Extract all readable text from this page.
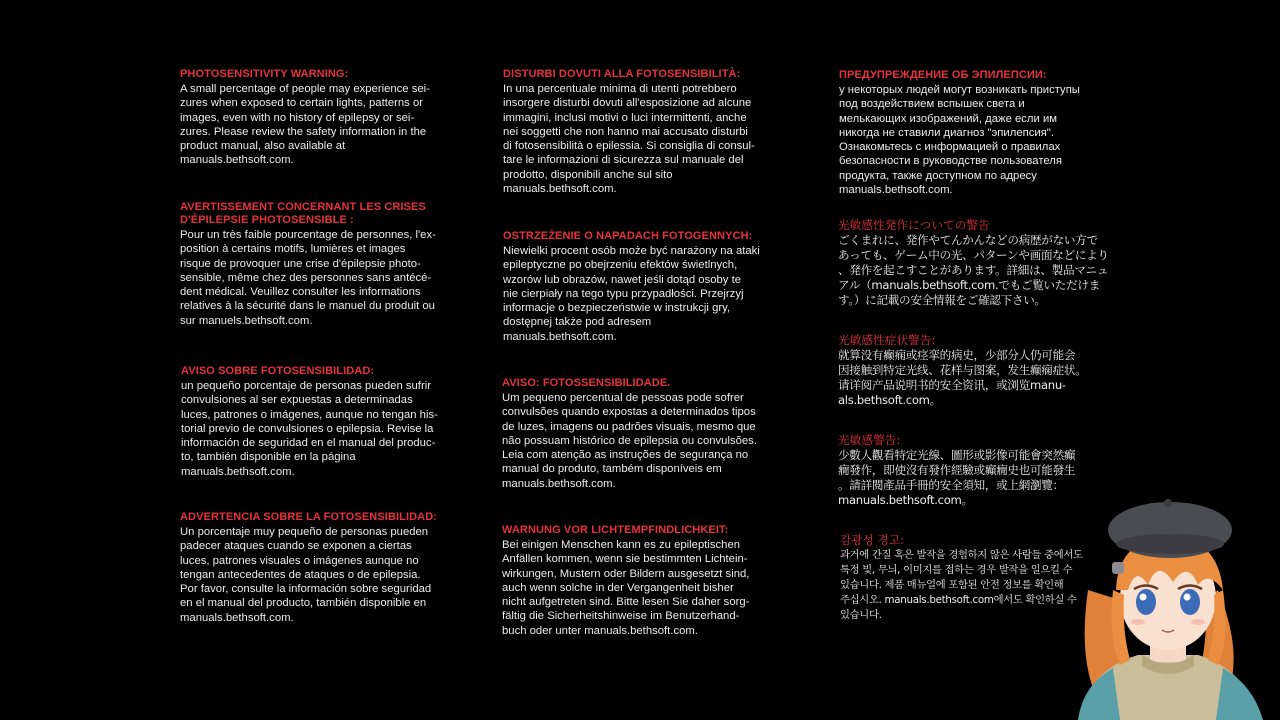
PHOTOSENSITIVITY WARNING:

A small percentage of people may experience sei-
zures when exposed to certain lights, patterns or
images, even with no history of epilepsy or sei-
zures. Please review the safety information in the
product manual, also available at
manuals.bethsoft.com.

AVERTISSEMENT CONCERNANT LES CRISES
D'ÉPILEPSIE PHOTOSENSIBLE :

Pour un très faible pourcentage de personnes, l'ex-
position à certains motifs, lumières et images
risque de provoquer une crise d'épilepsie photo-
sensible, même chez des personnes sans antécé-
dent médical. Veuillez consulter les informations
relatives à la sécurité dans le manuel du produit ou
sur manuels.bethsoft.com.

AVISO SOBRE FOTOSENSIBILIDAD:

un pequeño porcentaje de personas pueden sufrir
convulsiones al ser expuestas a determinadas
luces, patrones o imágenes, aunque no tengan his-
torial previo de convulsiones o epilepsia. Revise la
información de seguridad en el manual del produc-
to, también disponible en la página
manuals.bethsoft.com.

ADVERTENCIA SOBRE LA FOTOSENSIBILIDAD:

Un porcentaje muy pequeño de personas pueden
padecer ataques cuando se exponen a ciertas
luces, patrones visuales o imágenes aunque no
tengan antecedentes de ataques o de epilepsia.
Por favor, consulte la información sobre seguridad
en el manual del producto, también disponible en
manuals.bethsoft.com.

DISTURBI DOVUTI ALLA FOTOSENSIBILITÀ:

In una percentuale minima di utenti potrebbero
insorgere disturbi dovuti all'esposizione ad alcune
immagini, inclusi motivi o luci intermittenti, anche
nei soggetti che non hanno mai accusato disturbi
di fotosensibilità o epilessia. Si consiglia di consul-
tare le informazioni di sicurezza sul manuale del
prodotto, disponibili anche sul sito
manuals.bethsoft.com.

OSTRZEŻENIE O NAPADACH FOTOGENNYCH:

Niewielki procent osób może być narażony na ataki
epileptyczne po obejrzeniu efektów świetlnych,
wzorów lub obrazów, nawet jeśli dotąd osoby te
nie cierpiały na tego typu przypadłości. Przejrzyj
informacje o bezpieczeństwie w instrukcji gry,
dostępnej także pod adresem
manuals.bethsoft.com.

AVISO: FOTOSSENSIBILIDADE.

Um pequeno percentual de pessoas pode sofrer
convulsões quando expostas a determinados tipos
de luzes, imagens ou padrões visuais, mesmo que
não possuam histórico de epilepsia ou convulsões.
Leia com atenção as instruções de segurança no
manual do produto, também disponíveis em
manuals.bethsoft.com.

WARNUNG VOR LICHTEMPFINDLICHKEIT:

Bei einigen Menschen kann es zu epileptischen
Anfällen kommen, wenn sie bestimmten Lichtein-
wirkungen, Mustern oder Bildern ausgesetzt sind,
auch wenn solche in der Vergangenheit bisher
nicht aufgetreten sind. Bitte lesen Sie daher sorg-
fältig die Sicherheitshinweise im Benutzerhand-
buch oder unter manuals.bethsoft.com.

ПРЕДУПРЕЖДЕНИЕ ОБ ЭПИЛЕПСИИ:

у некоторых людей могут возникать приступы
под воздействием вспышек света и
мелькающих изображений, даже если им
никогда не ставили диагноз "эпилепсия".
Ознакомьтесь с информацией о правилах
безопасности в руководстве пользователя
продукта, также доступном по адресу
manuals.bethsoft.com.

光敏感性発作についての警告

ごくまれに、発作やてんかんなどの病歴がない方で
あっても、ゲーム中の光、パターンや画面などにより
、発作を起こすことがあります。詳細は、製品マニュ
アル（manuals.bethsoft.com.でもご覧いただけま
す。）に記載の安全情報をご確認下さい。

光敏感性症状警告:

就算没有癫痫或痉挛的病史，少部分人仍可能会
因接触到特定光线、花样与图案，发生癫痫症状。
请详阅产品说明书的安全资讯，或浏览manu-
als.bethsoft.com。

光敏感警告:

少數人觀看特定光線、圖形或影像可能會突然癲
癇發作，即使沒有發作經驗或癲癇史也可能發生
。請詳閱產品手冊的安全須知，或上網瀏覽：
manuals.bethsoft.com。

감광성 경고:

과거에 간질 혹은 발작을 경험하지 않은 사람들 중에서도
특정 빛, 무늬, 이미지를 접하는 경우 발작을 일으킬 수
있습니다. 제품 매뉴얼에 포함된 안전 정보를 확인해
주십시오. manuals.bethsoft.com에서도 확인하실 수
있습니다.
